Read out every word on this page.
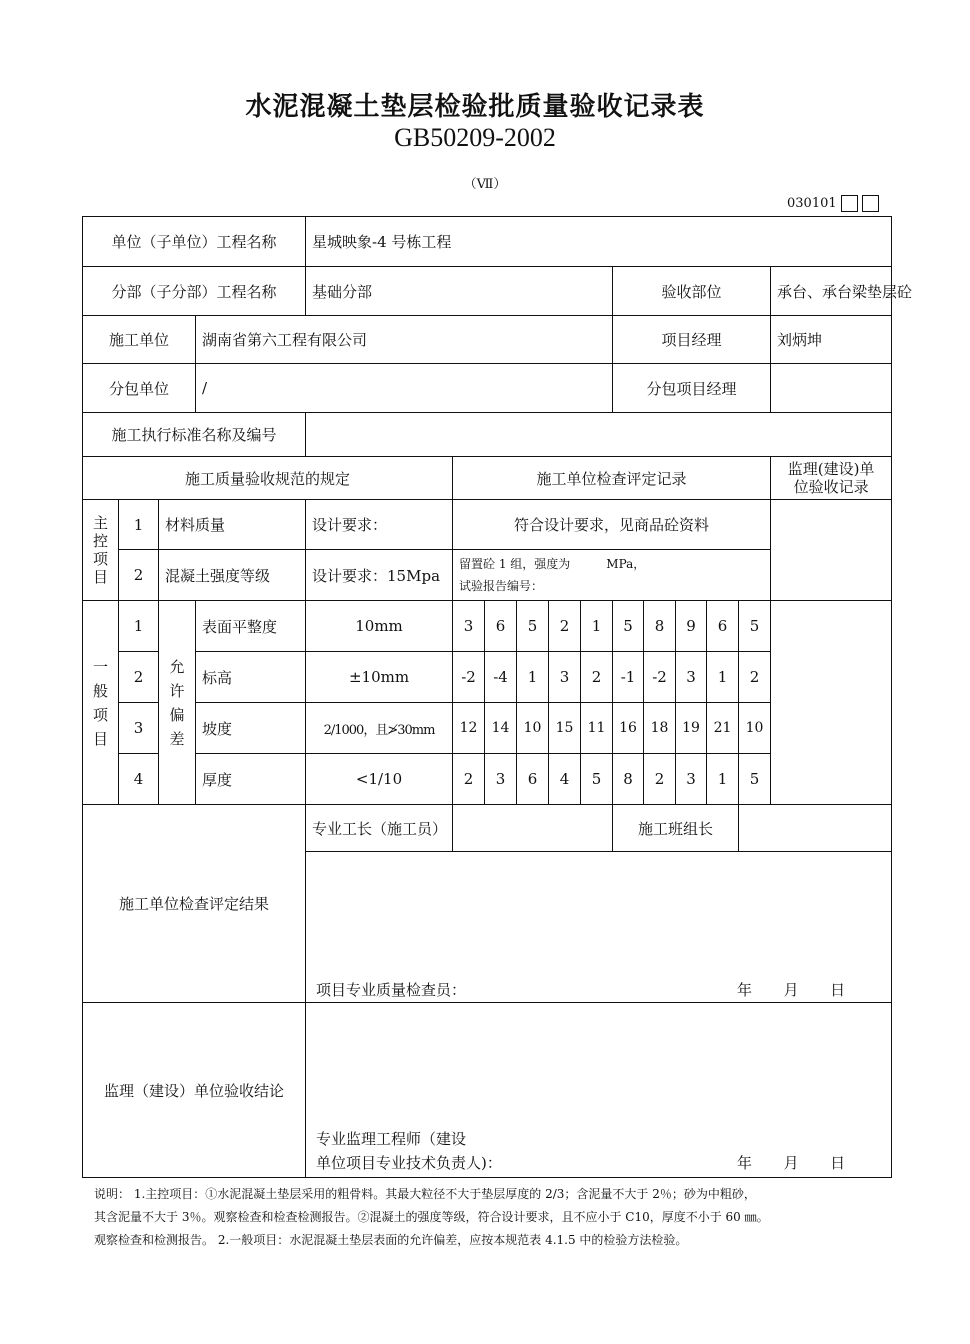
水泥混凝土垫层检验批质量验收记录表
GB50209-2002
（Ⅶ）
030101
单位（子单位）工程名称				星城映象-4 号栋工程											
分部（子分部）工程名称				基础分部						验收部位					承台、承台梁垫层砼
施工单位			湖南省第六工程有限公司							项目经理					刘炳坤
分包单位			/							分包项目经理					
施工执行标准名称及编号															
施工质量验收规范的规定					施工单位检查评定记录										监理(建设)单
位验收记录

主控项目	1	材料质量		设计要求：	符合设计要求，见商品砼资料										
	2	混凝土强度等级		设计要求：15Mpa	留置砼 1 组，强度为 MPa，
试验报告编号：										

一般项目	1	允许偏差	表面平整度	10mm	3	6	5	2	1	5	8	9	6	5	
	2		标高	±10mm	-2	-4	1	3	2	-1	-2	3	1	2	
	3		坡度	2/1000，且≯30mm	12	14	10	15	11	16	18	19	21	10	
	4		厚度	<1/10	2	3	6	4	5	8	2	3	1	5	
施工单位检查评定结果				专业工长（施工员）						施工班组长					

				项目专业质量检查员： 年 月 日											

监理（建设）单位验收结论				专业监理工程师（建设
单位项目专业技术负责人)： 年 月 日											
说明： 1.主控项目：①水泥混凝土垫层采用的粗骨料。其最大粒径不大于垫层厚度的 2/3；含泥量不大于 2％；砂为中粗砂，
其含泥量不大于 3％。观察检查和检查检测报告。②混凝土的强度等级，符合设计要求，且不应小于 C10，厚度不小于 60 ㎜。
观察检查和检测报告。 2.一般项目：水泥混凝土垫层表面的允许偏差，应按本规范表 4.1.5 中的检验方法检验。
